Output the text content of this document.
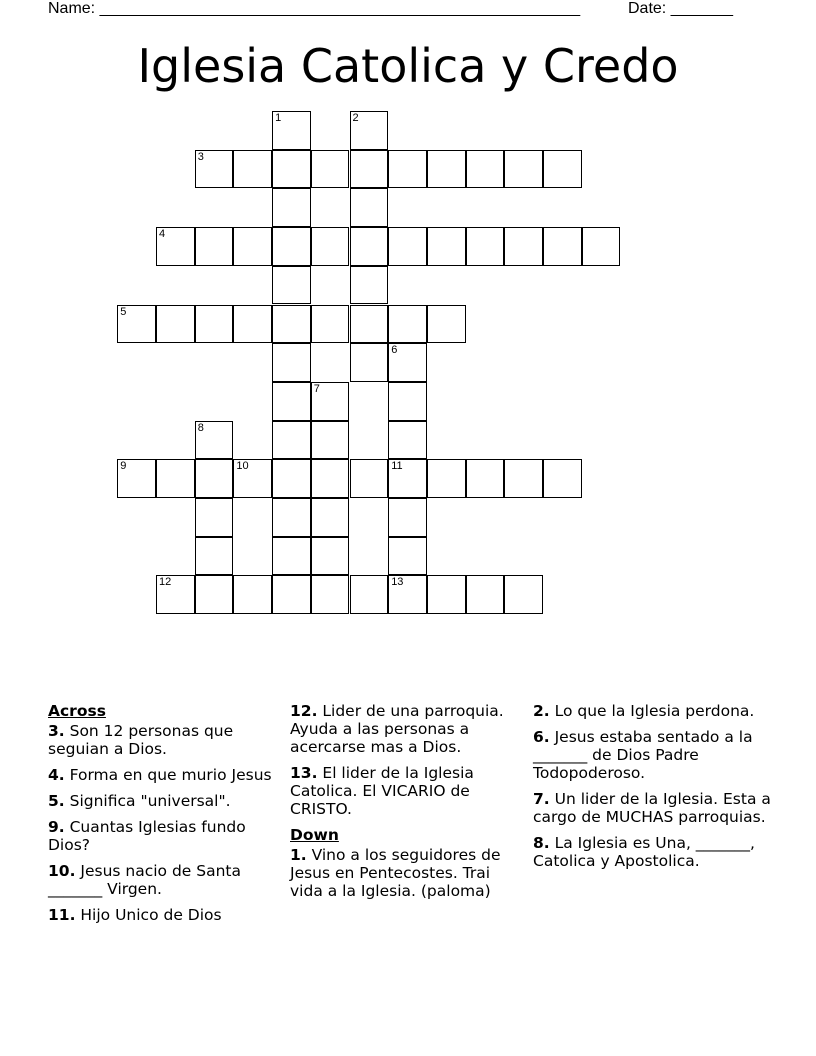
Name: ______________________________________________________	Date: _______
Iglesia Catolica y Credo
1	2
3
4
5
6
7
8
9	10	11
12	13
Across
3. Son 12 personas que seguian a Dios.
4. Forma en que murio Jesus
5. Significa "universal".
9. Cuantas Iglesias fundo Dios?
10. Jesus nacio de Santa _______ Virgen.
11. Hijo Unico de Dios
12. Lider de una parroquia. Ayuda a las personas a acercarse mas a Dios.
13. El lider de la Iglesia Catolica. El VICARIO de CRISTO.
Down
1. Vino a los seguidores de Jesus en Pentecostes. Trai vida a la Iglesia. (paloma)
2. Lo que la Iglesia perdona.
6. Jesus estaba sentado a la _______ de Dios Padre Todopoderoso.
7. Un lider de la Iglesia. Esta a cargo de MUCHAS parroquias.
8. La Iglesia es Una, _______, Catolica y Apostolica.
